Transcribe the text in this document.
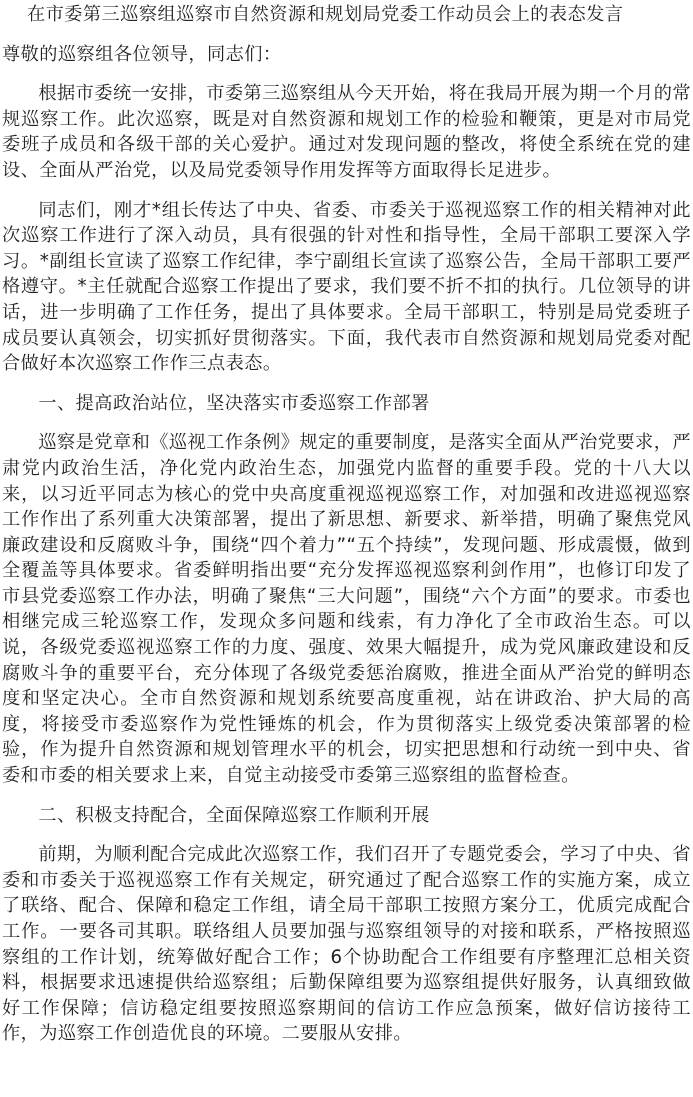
在市委第三巡察组巡察市自然资源和规划局党委工作动员会上的表态发言

尊敬的巡察组各位领导，同志们：

根据市委统一安排，市委第三巡察组从今天开始，将在我局开展为期一个月的常规巡察工作。此次巡察，既是对自然资源和规划工作的检验和鞭策，更是对市局党委班子成员和各级干部的关心爱护。通过对发现问题的整改，将使全系统在党的建设、全面从严治党，以及局党委领导作用发挥等方面取得长足进步。

同志们，刚才*组长传达了中央、省委、市委关于巡视巡察工作的相关精神对此次巡察工作进行了深入动员，具有很强的针对性和指导性，全局干部职工要深入学习。*副组长宣读了巡察工作纪律，李宁副组长宣读了巡察公告，全局干部职工要严格遵守。*主任就配合巡察工作提出了要求，我们要不折不扣的执行。几位领导的讲话，进一步明确了工作任务，提出了具体要求。全局干部职工，特别是局党委班子成员要认真领会，切实抓好贯彻落实。下面，我代表市自然资源和规划局党委对配合做好本次巡察工作作三点表态。

一、提高政治站位，坚决落实市委巡察工作部署

巡察是党章和《巡视工作条例》规定的重要制度，是落实全面从严治党要求，严肃党内政治生活，净化党内政治生态，加强党内监督的重要手段。党的十八大以来，以习近平同志为核心的党中央高度重视巡视巡察工作，对加强和改进巡视巡察工作作出了系列重大决策部署，提出了新思想、新要求、新举措，明确了聚焦党风廉政建设和反腐败斗争，围绕“四个着力”“五个持续”，发现问题、形成震慑，做到全覆盖等具体要求。省委鲜明指出要“充分发挥巡视巡察利剑作用”，也修订印发了市县党委巡察工作办法，明确了聚焦“三大问题”，围绕“六个方面”的要求。市委也相继完成三轮巡察工作，发现众多问题和线索，有力净化了全市政治生态。可以说，各级党委巡视巡察工作的力度、强度、效果大幅提升，成为党风廉政建设和反腐败斗争的重要平台，充分体现了各级党委惩治腐败，推进全面从严治党的鲜明态度和坚定决心。全市自然资源和规划系统要高度重视，站在讲政治、护大局的高度，将接受市委巡察作为党性锤炼的机会，作为贯彻落实上级党委决策部署的检验，作为提升自然资源和规划管理水平的机会，切实把思想和行动统一到中央、省委和市委的相关要求上来，自觉主动接受市委第三巡察组的监督检查。

二、积极支持配合，全面保障巡察工作顺利开展

前期，为顺利配合完成此次巡察工作，我们召开了专题党委会，学习了中央、省委和市委关于巡视巡察工作有关规定，研究通过了配合巡察工作的实施方案，成立了联络、配合、保障和稳定工作组，请全局干部职工按照方案分工，优质完成配合工作。一要各司其职。联络组人员要加强与巡察组领导的对接和联系，严格按照巡察组的工作计划，统筹做好配合工作；6个协助配合工作组要有序整理汇总相关资料，根据要求迅速提供给巡察组；后勤保障组要为巡察组提供好服务，认真细致做好工作保障；信访稳定组要按照巡察期间的信访工作应急预案，做好信访接待工作，为巡察工作创造优良的环境。二要服从安排。
